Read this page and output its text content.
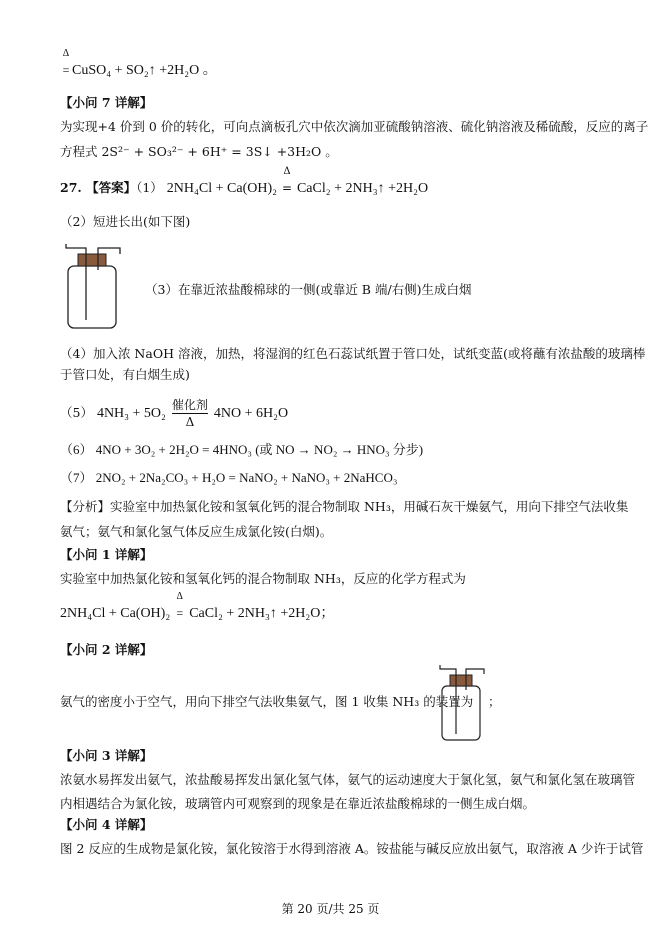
Δ
= CuSO₄ + SO₂↑ +2H₂O 。
【小问 7 详解】
为实现+4 价到 0 价的转化，可向点滴板孔穴中依次滴加亚硫酸钠溶液、硫化钠溶液及稀硫酸，反应的离子
方程式 2S²⁻ + SO₃²⁻ + 6H⁺ = 3S↓ +3H₂O 。
27. 【答案】（1） 2NH₄Cl + Ca(OH)₂
Δ
= CaCl₂ + 2NH₃↑ +2H₂O
（2）短进长出(如下图)
（3）在靠近浓盐酸棉球的一侧(或靠近 B 端/右侧)生成白烟
（4）加入浓 NaOH 溶液，加热，将湿润的红色石蕊试纸置于管口处，试纸变蓝(或将蘸有浓盐酸的玻璃棒
于管口处，有白烟生成)
（5） 4NH₃ + 5O₂
催化剂
Δ
4NO + 6H₂O
（6） 4NO + 3O₂ + 2H₂O = 4HNO₃ (或 NO → NO₂ → HNO₃ 分步)
（7） 2NO₂ + 2Na₂CO₃ + H₂O = NaNO₂ + NaNO₃ + 2NaHCO₃
【分析】实验室中加热氯化铵和氢氧化钙的混合物制取 NH₃，用碱石灰干燥氨气，用向下排空气法收集
氨气；氨气和氯化氢气体反应生成氯化铵(白烟)。
【小问 1 详解】
实验室中加热氯化铵和氢氧化钙的混合物制取 NH₃，反应的化学方程式为
2NH₄Cl + Ca(OH)₂
Δ
= CaCl₂ + 2NH₃↑ +2H₂O；
【小问 2 详解】
氨气的密度小于空气，用向下排空气法收集氨气，图 1 收集 NH₃ 的装置为 ；
【小问 3 详解】
浓氨水易挥发出氨气，浓盐酸易挥发出氯化氢气体，氨气的运动速度大于氯化氢，氨气和氯化氢在玻璃管
内相遇结合为氯化铵，玻璃管内可观察到的现象是在靠近浓盐酸棉球的一侧生成白烟。
【小问 4 详解】
图 2 反应的生成物是氯化铵，氯化铵溶于水得到溶液 A。铵盐能与碱反应放出氨气，取溶液 A 少许于试管
第 20 页/共 25 页
